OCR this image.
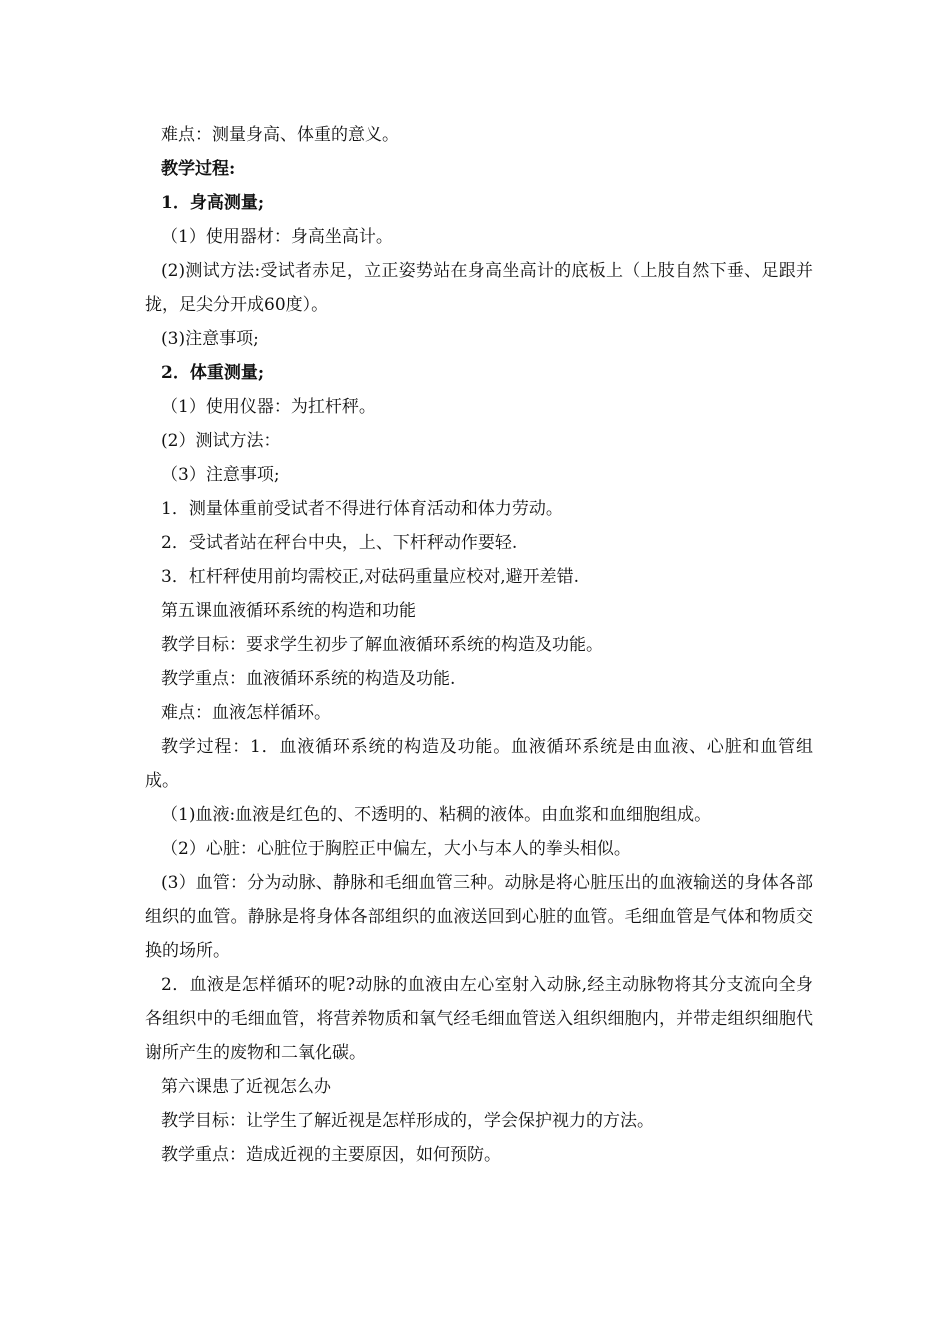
难点：测量身高、体重的意义。

教学过程:

1．身高测量;

（1）使用器材：身高坐高计。

(2)测试方法:受试者赤足，立正姿势站在身高坐高计的底板上（上肢自然下垂、足跟并拢，足尖分开成60度）。

(3)注意事项;

2．体重测量;

（1）使用仪器：为扛杆秤。

(2）测试方法：

（3）注意事项;

1．测量体重前受试者不得进行体育活动和体力劳动。

2．受试者站在秤台中央，上、下杆秤动作要轻.

3．杠杆秤使用前均需校正,对砝码重量应校对,避开差错.

第五课血液循环系统的构造和功能

教学目标：要求学生初步了解血液循环系统的构造及功能。

教学重点：血液循环系统的构造及功能.

难点：血液怎样循环。

教学过程：1．血液循环系统的构造及功能。血液循环系统是由血液、心脏和血管组成。

（1)血液:血液是红色的、不透明的、粘稠的液体。由血浆和血细胞组成。

（2）心脏：心脏位于胸腔正中偏左，大小与本人的拳头相似。

(3）血管：分为动脉、静脉和毛细血管三种。动脉是将心脏压出的血液输送的身体各部组织的血管。静脉是将身体各部组织的血液送回到心脏的血管。毛细血管是气体和物质交换的场所。

2．血液是怎样循环的呢?动脉的血液由左心室射入动脉,经主动脉物将其分支流向全身各组织中的毛细血管，将营养物质和氧气经毛细血管送入组织细胞内，并带走组织细胞代谢所产生的废物和二氧化碳。

第六课患了近视怎么办

教学目标：让学生了解近视是怎样形成的，学会保护视力的方法。

教学重点：造成近视的主要原因，如何预防。
